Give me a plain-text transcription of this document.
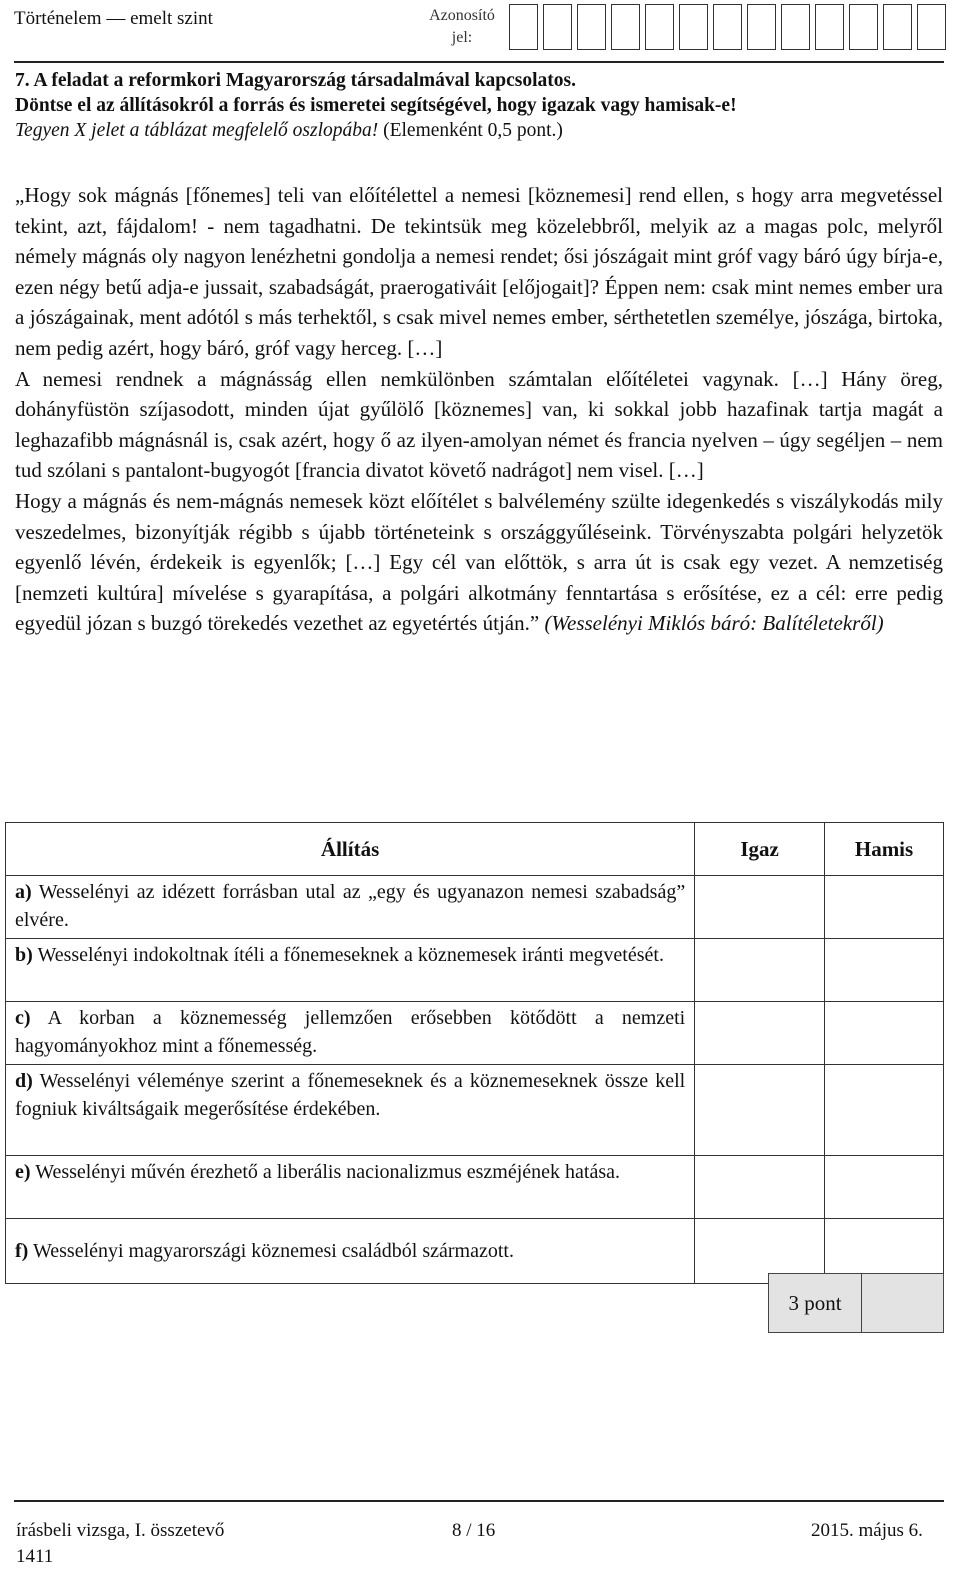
Történelem — emelt szint	Azonosító jel:
7. A feladat a reformkori Magyarország társadalmával kapcsolatos.
Döntse el az állításokról a forrás és ismeretei segítségével, hogy igazak vagy hamisak-e!
Tegyen X jelet a táblázat megfelelő oszlopába! (Elemenként 0,5 pont.)

„Hogy sok mágnás [főnemes] teli van előítélettel a nemesi [köznemesi] rend ellen, s hogy arra megvetéssel tekint, azt, fájdalom! - nem tagadhatni. De tekintsük meg közelebbről, melyik az a magas polc, melyről némely mágnás oly nagyon lenézhetni gondolja a nemesi rendet; ősi jószágait mint gróf vagy báró úgy bírja-e, ezen négy betű adja-e jussait, szabadságát, praerogativáit [előjogait]? Éppen nem: csak mint nemes ember ura a jószágainak, ment adótól s más terhektől, s csak mivel nemes ember, sérthetetlen személye, jószága, birtoka, nem pedig azért, hogy báró, gróf vagy herceg. […]

A nemesi rendnek a mágnásság ellen nemkülönben számtalan előítéletei vagynak. […] Hány öreg, dohányfüstön szíjasodott, minden újat gyűlölő [köznemes] van, ki sokkal jobb hazafinak tartja magát a leghazafibb mágnásnál is, csak azért, hogy ő az ilyen-amolyan német és francia nyelven – úgy segéljen – nem tud szólani s pantalont-bugyogót [francia divatot követő nadrágot] nem visel. […]

Hogy a mágnás és nem-mágnás nemesek közt előítélet s balvélemény szülte idegenkedés s viszálykodás mily veszedelmes, bizonyítják régibb s újabb történeteink s országgyűléseink. Törvényszabta polgári helyzetök egyenlő lévén, érdekeik is egyenlők; […] Egy cél van előttök, s arra út is csak egy vezet. A nemzetiség [nemzeti kultúra] mívelése s gyarapítása, a polgári alkotmány fenntartása s erősítése, ez a cél: erre pedig egyedül józan s buzgó törekedés vezethet az egyetértés útján.” (Wesselényi Miklós báró: Balítéletekről)

Állítás	Igaz	Hamis
a) Wesselényi az idézett forrásban utal az „egy és ugyanazon nemesi szabadság” elvére.		
b) Wesselényi indokoltnak ítéli a főnemeseknek a köznemesek iránti megvetését.		
c) A korban a köznemesség jellemzően erősebben kötődött a nemzeti hagyományokhoz mint a főnemesség.		
d) Wesselényi véleménye szerint a főnemeseknek és a köznemeseknek össze kell fogniuk kiváltságaik megerősítése érdekében.		
e) Wesselényi művén érezhető a liberális nacionalizmus eszméjének hatása.		
f) Wesselényi magyarországi köznemesi családból származott.		
3 pont
írásbeli vizsga, I. összetevő	8 / 16	2015. május 6.
1411
